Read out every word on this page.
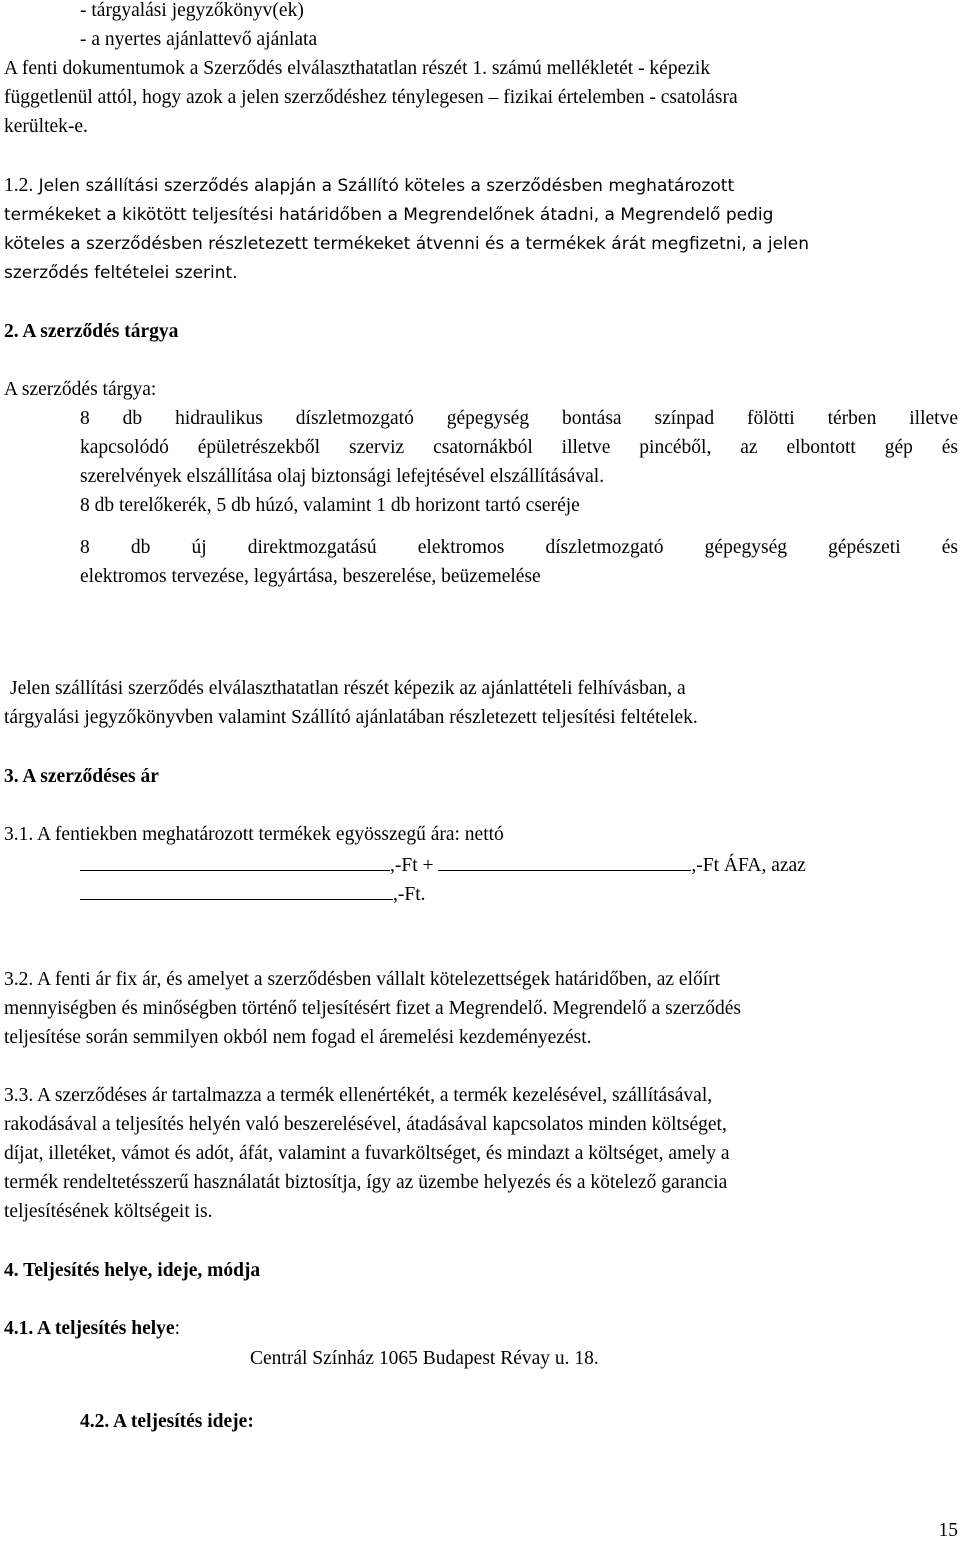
- tárgyalási jegyzőkönyv(ek)
- a nyertes ajánlattevő ajánlata
A fenti dokumentumok a Szerződés elválaszthatatlan részét 1. számú mellékletét - képezik
függetlenül attól, hogy azok a jelen szerződéshez ténylegesen – fizikai értelemben - csatolásra
kerültek-e.
1.2. Jelen szállítási szerződés alapján a Szállító köteles a szerződésben meghatározott
termékeket a kikötött teljesítési határidőben a Megrendelőnek átadni, a Megrendelő pedig
köteles a szerződésben részletezett termékeket átvenni és a termékek árát megfizetni, a jelen
szerződés feltételei szerint.
2. A szerződés tárgya
A szerződés tárgya:
8 db hidraulikus díszletmozgató gépegység bontása színpad fölötti térben illetve
kapcsolódó épületrészekből szerviz csatornákból illetve pincéből, az elbontott gép és
szerelvények elszállítása olaj biztonsági lefejtésével elszállításával.
8 db terelőkerék, 5 db húzó, valamint 1 db horizont tartó cseréje
8 db új direktmozgatású elektromos díszletmozgató gépegység gépészeti és
elektromos tervezése, legyártása, beszerelése, beüzemelése
Jelen szállítási szerződés elválaszthatatlan részét képezik az ajánlattételi felhívásban, a
tárgyalási jegyzőkönyvben valamint Szállító ajánlatában részletezett teljesítési feltételek.
3. A szerződéses ár
3.1. A fentiekben meghatározott termékek egyösszegű ára: nettó
,-Ft +	,-Ft ÁFA, azaz
,-Ft.
3.2. A fenti ár fix ár, és amelyet a szerződésben vállalt kötelezettségek határidőben, az előírt
mennyiségben és minőségben történő teljesítésért fizet a Megrendelő. Megrendelő a szerződés
teljesítése során semmilyen okból nem fogad el áremelési kezdeményezést.
3.3. A szerződéses ár tartalmazza a termék ellenértékét, a termék kezelésével, szállításával,
rakodásával a teljesítés helyén való beszerelésével, átadásával kapcsolatos minden költséget,
díjat, illetéket, vámot és adót, áfát, valamint a fuvarköltséget, és mindazt a költséget, amely a
termék rendeltetésszerű használatát biztosítja, így az üzembe helyezés és a kötelező garancia
teljesítésének költségeit is.
4. Teljesítés helye, ideje, módja
4.1. A teljesítés helye:
Centrál Színház 1065 Budapest Révay u. 18.
4.2. A teljesítés ideje:
15
